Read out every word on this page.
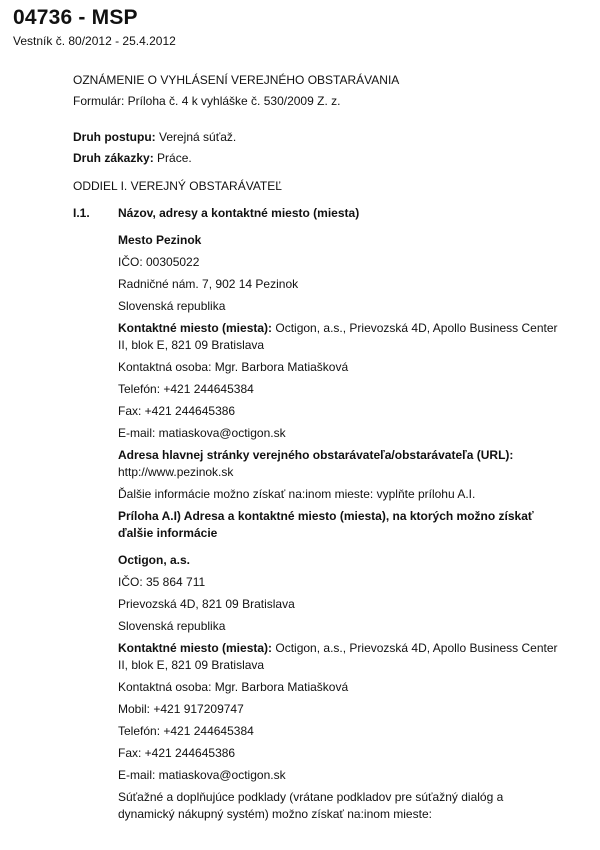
04736 - MSP
Vestník č. 80/2012 - 25.4.2012
OZNÁMENIE O VYHLÁSENÍ VEREJNÉHO OBSTARÁVANIA
Formulár: Príloha č. 4 k vyhláške č. 530/2009 Z. z.
Druh postupu: Verejná súťaž.
Druh zákazky: Práce.
ODDIEL I. VEREJNÝ OBSTARÁVATEĽ
I.1. Názov, adresy a kontaktné miesto (miesta)
Mesto Pezinok
IČO: 00305022
Radničné nám. 7, 902 14 Pezinok
Slovenská republika
Kontaktné miesto (miesta): Octigon, a.s., Prievozská 4D, Apollo Business Center II, blok E, 821 09 Bratislava
Kontaktná osoba: Mgr. Barbora Matiašková
Telefón: +421 244645384
Fax: +421 244645386
E-mail: matiaskova@octigon.sk
Adresa hlavnej stránky verejného obstarávateľa/obstarávateľa (URL): http://www.pezinok.sk
Ďalšie informácie možno získať na:inom mieste: vyplňte prílohu A.I.
Príloha A.I) Adresa a kontaktné miesto (miesta), na ktorých možno získať ďalšie informácie
Octigon, a.s.
IČO: 35 864 711
Prievozská 4D, 821 09 Bratislava
Slovenská republika
Kontaktné miesto (miesta): Octigon, a.s., Prievozská 4D, Apollo Business Center II, blok E, 821 09 Bratislava
Kontaktná osoba: Mgr. Barbora Matiašková
Mobil: +421 917209747
Telefón: +421 244645384
Fax: +421 244645386
E-mail: matiaskova@octigon.sk
Súťažné a doplňujúce podklady (vrátane podkladov pre súťažný dialóg a dynamický nákupný systém) možno získať na:inom mieste:
